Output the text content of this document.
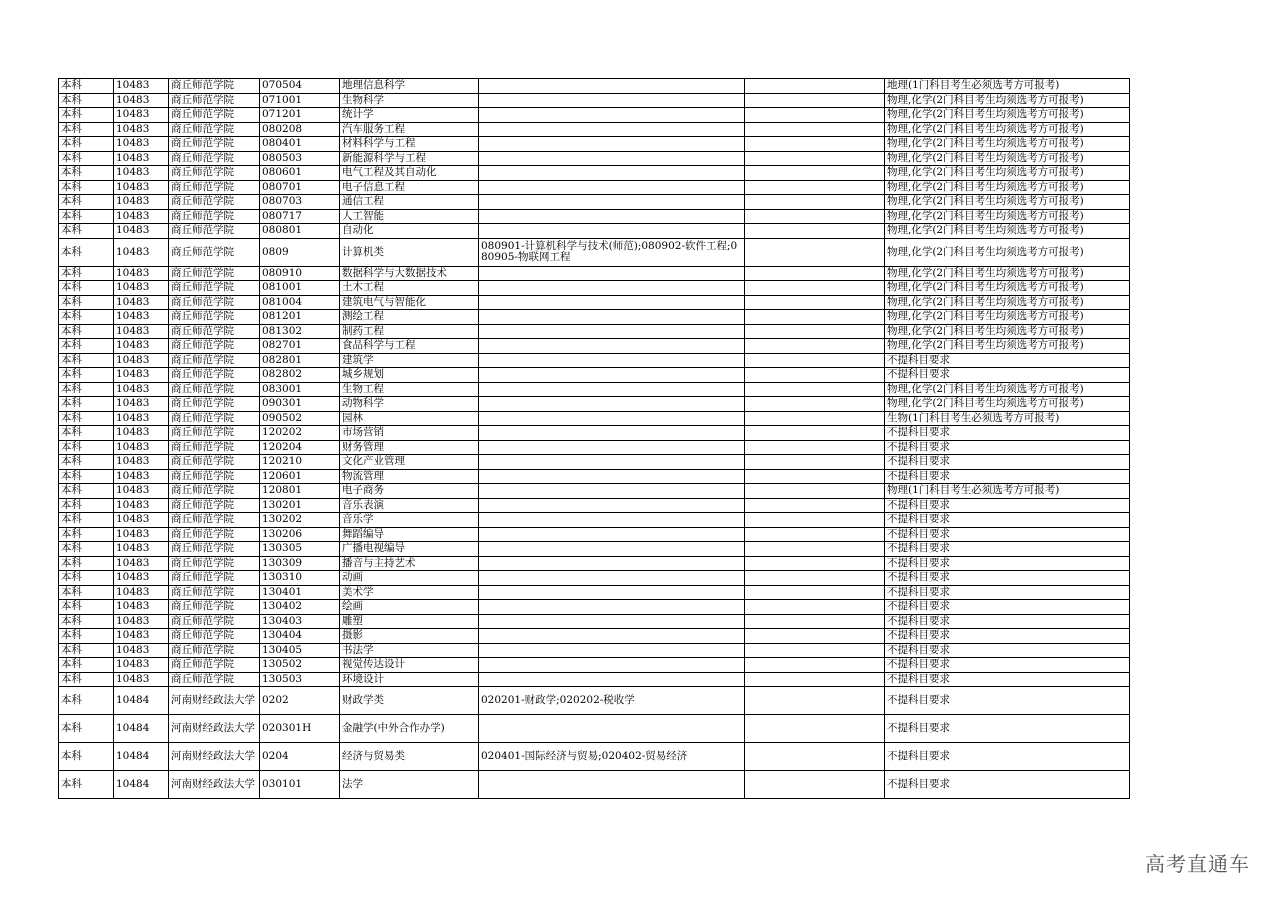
本科	10483	商丘师范学院	070504	地理信息科学			地理(1门科目考生必须选考方可报考)
本科	10483	商丘师范学院	071001	生物科学			物理,化学(2门科目考生均须选考方可报考)
本科	10483	商丘师范学院	071201	统计学			物理,化学(2门科目考生均须选考方可报考)
本科	10483	商丘师范学院	080208	汽车服务工程			物理,化学(2门科目考生均须选考方可报考)
本科	10483	商丘师范学院	080401	材料科学与工程			物理,化学(2门科目考生均须选考方可报考)
本科	10483	商丘师范学院	080503	新能源科学与工程			物理,化学(2门科目考生均须选考方可报考)
本科	10483	商丘师范学院	080601	电气工程及其自动化			物理,化学(2门科目考生均须选考方可报考)
本科	10483	商丘师范学院	080701	电子信息工程			物理,化学(2门科目考生均须选考方可报考)
本科	10483	商丘师范学院	080703	通信工程			物理,化学(2门科目考生均须选考方可报考)
本科	10483	商丘师范学院	080717	人工智能			物理,化学(2门科目考生均须选考方可报考)
本科	10483	商丘师范学院	080801	自动化			物理,化学(2门科目考生均须选考方可报考)
本科	10483	商丘师范学院	0809	计算机类	080901-计算机科学与技术(师范);080902-软件工程;080905-物联网工程		物理,化学(2门科目考生均须选考方可报考)
本科	10483	商丘师范学院	080910	数据科学与大数据技术			物理,化学(2门科目考生均须选考方可报考)
本科	10483	商丘师范学院	081001	土木工程			物理,化学(2门科目考生均须选考方可报考)
本科	10483	商丘师范学院	081004	建筑电气与智能化			物理,化学(2门科目考生均须选考方可报考)
本科	10483	商丘师范学院	081201	测绘工程			物理,化学(2门科目考生均须选考方可报考)
本科	10483	商丘师范学院	081302	制药工程			物理,化学(2门科目考生均须选考方可报考)
本科	10483	商丘师范学院	082701	食品科学与工程			物理,化学(2门科目考生均须选考方可报考)
本科	10483	商丘师范学院	082801	建筑学			不提科目要求
本科	10483	商丘师范学院	082802	城乡规划			不提科目要求
本科	10483	商丘师范学院	083001	生物工程			物理,化学(2门科目考生均须选考方可报考)
本科	10483	商丘师范学院	090301	动物科学			物理,化学(2门科目考生均须选考方可报考)
本科	10483	商丘师范学院	090502	园林			生物(1门科目考生必须选考方可报考)
本科	10483	商丘师范学院	120202	市场营销			不提科目要求
本科	10483	商丘师范学院	120204	财务管理			不提科目要求
本科	10483	商丘师范学院	120210	文化产业管理			不提科目要求
本科	10483	商丘师范学院	120601	物流管理			不提科目要求
本科	10483	商丘师范学院	120801	电子商务			物理(1门科目考生必须选考方可报考)
本科	10483	商丘师范学院	130201	音乐表演			不提科目要求
本科	10483	商丘师范学院	130202	音乐学			不提科目要求
本科	10483	商丘师范学院	130206	舞蹈编导			不提科目要求
本科	10483	商丘师范学院	130305	广播电视编导			不提科目要求
本科	10483	商丘师范学院	130309	播音与主持艺术			不提科目要求
本科	10483	商丘师范学院	130310	动画			不提科目要求
本科	10483	商丘师范学院	130401	美术学			不提科目要求
本科	10483	商丘师范学院	130402	绘画			不提科目要求
本科	10483	商丘师范学院	130403	雕塑			不提科目要求
本科	10483	商丘师范学院	130404	摄影			不提科目要求
本科	10483	商丘师范学院	130405	书法学			不提科目要求
本科	10483	商丘师范学院	130502	视觉传达设计			不提科目要求
本科	10483	商丘师范学院	130503	环境设计			不提科目要求
本科	10484	河南财经政法大学	0202	财政学类	020201-财政学;020202-税收学		不提科目要求
本科	10484	河南财经政法大学	020301H	金融学(中外合作办学)			不提科目要求
本科	10484	河南财经政法大学	0204	经济与贸易类	020401-国际经济与贸易;020402-贸易经济		不提科目要求
本科	10484	河南财经政法大学	030101	法学			不提科目要求
高考直通车
